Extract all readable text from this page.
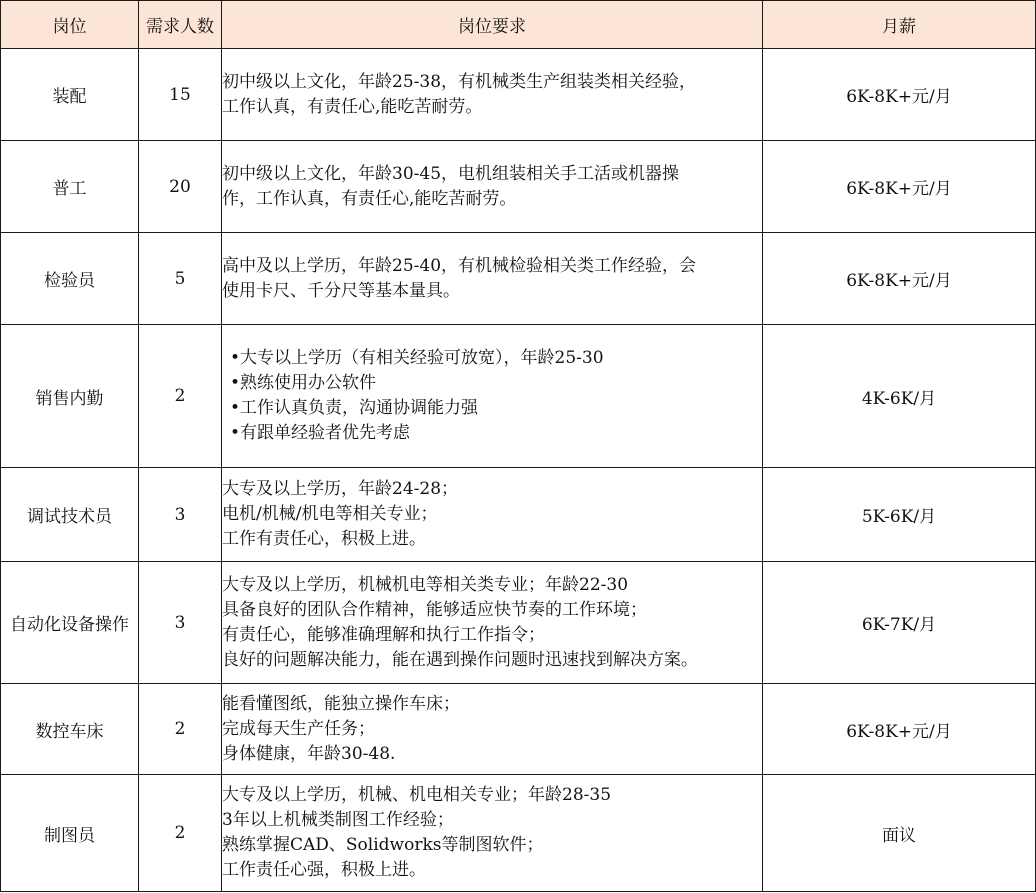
岗位	需求人数	岗位要求	月薪
装配	15	初中级以上文化，年龄25-38，有机械类生产组装类相关经验，
工作认真，有责任心,能吃苦耐劳。	6K-8K+元/月
普工	20	初中级以上文化，年龄30-45，电机组装相关手工活或机器操
作，工作认真，有责任心,能吃苦耐劳。	6K-8K+元/月
检验员	5	高中及以上学历，年龄25-40，有机械检验相关类工作经验，会
使用卡尺、千分尺等基本量具。	6K-8K+元/月
销售内勤	2	•大专以上学历（有相关经验可放宽），年龄25-30
•熟练使用办公软件
•工作认真负责，沟通协调能力强
•有跟单经验者优先考虑	4K-6K/月
调试技术员	3	大专及以上学历，年龄24-28；
电机/机械/机电等相关专业；
工作有责任心，积极上进。	5K-6K/月
自动化设备操作	3	大专及以上学历，机械机电等相关类专业；年龄22-30
具备良好的团队合作精神，能够适应快节奏的工作环境；
有责任心，能够准确理解和执行工作指令；
良好的问题解决能力，能在遇到操作问题时迅速找到解决方案。	6K-7K/月
数控车床	2	能看懂图纸，能独立操作车床；
完成每天生产任务；
身体健康，年龄30-48.	6K-8K+元/月
制图员	2	大专及以上学历，机械、机电相关专业；年龄28-35
3年以上机械类制图工作经验；
熟练掌握CAD、Solidworks等制图软件；
工作责任心强，积极上进。	面议
